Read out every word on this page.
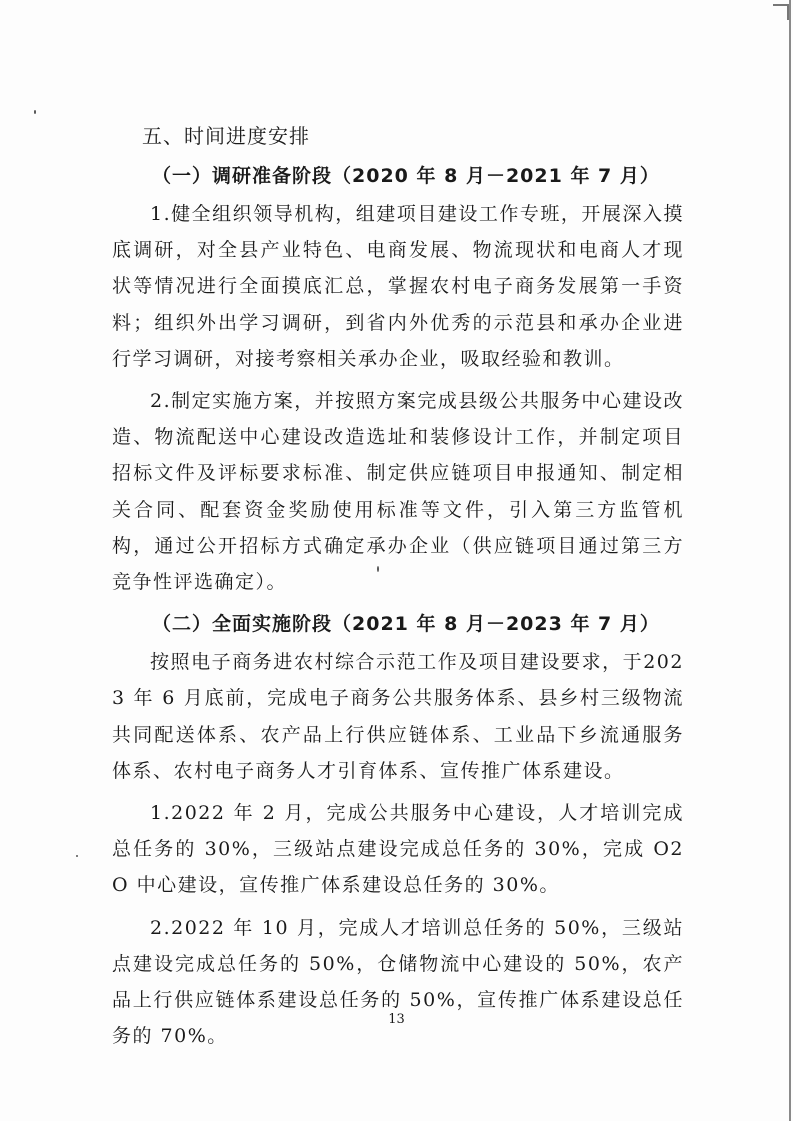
五、时间进度安排
（一）调研准备阶段（2020 年 8 月－2021 年 7 月）

1.健全组织领导机构，组建项目建设工作专班，开展深入摸底调研，对全县产业特色、电商发展、物流现状和电商人才现状等情况进行全面摸底汇总，掌握农村电子商务发展第一手资料；组织外出学习调研，到省内外优秀的示范县和承办企业进行学习调研，对接考察相关承办企业，吸取经验和教训。

2.制定实施方案，并按照方案完成县级公共服务中心建设改造、物流配送中心建设改造选址和装修设计工作，并制定项目招标文件及评标要求标准、制定供应链项目申报通知、制定相关合同、配套资金奖励使用标准等文件，引入第三方监管机构，通过公开招标方式确定承办企业（供应链项目通过第三方竞争性评选确定）。

（二）全面实施阶段（2021 年 8 月－2023 年 7 月）

按照电子商务进农村综合示范工作及项目建设要求，于2023 年 6 月底前，完成电子商务公共服务体系、县乡村三级物流共同配送体系、农产品上行供应链体系、工业品下乡流通服务体系、农村电子商务人才引育体系、宣传推广体系建设。

1.2022 年 2 月，完成公共服务中心建设，人才培训完成总任务的 30%，三级站点建设完成总任务的 30%，完成 O2O 中心建设，宣传推广体系建设总任务的 30%。

2.2022 年 10 月，完成人才培训总任务的 50%，三级站点建设完成总任务的 50%，仓储物流中心建设的 50%，农产品上行供应链体系建设总任务的 50%，宣传推广体系建设总任务的 70%。

13
